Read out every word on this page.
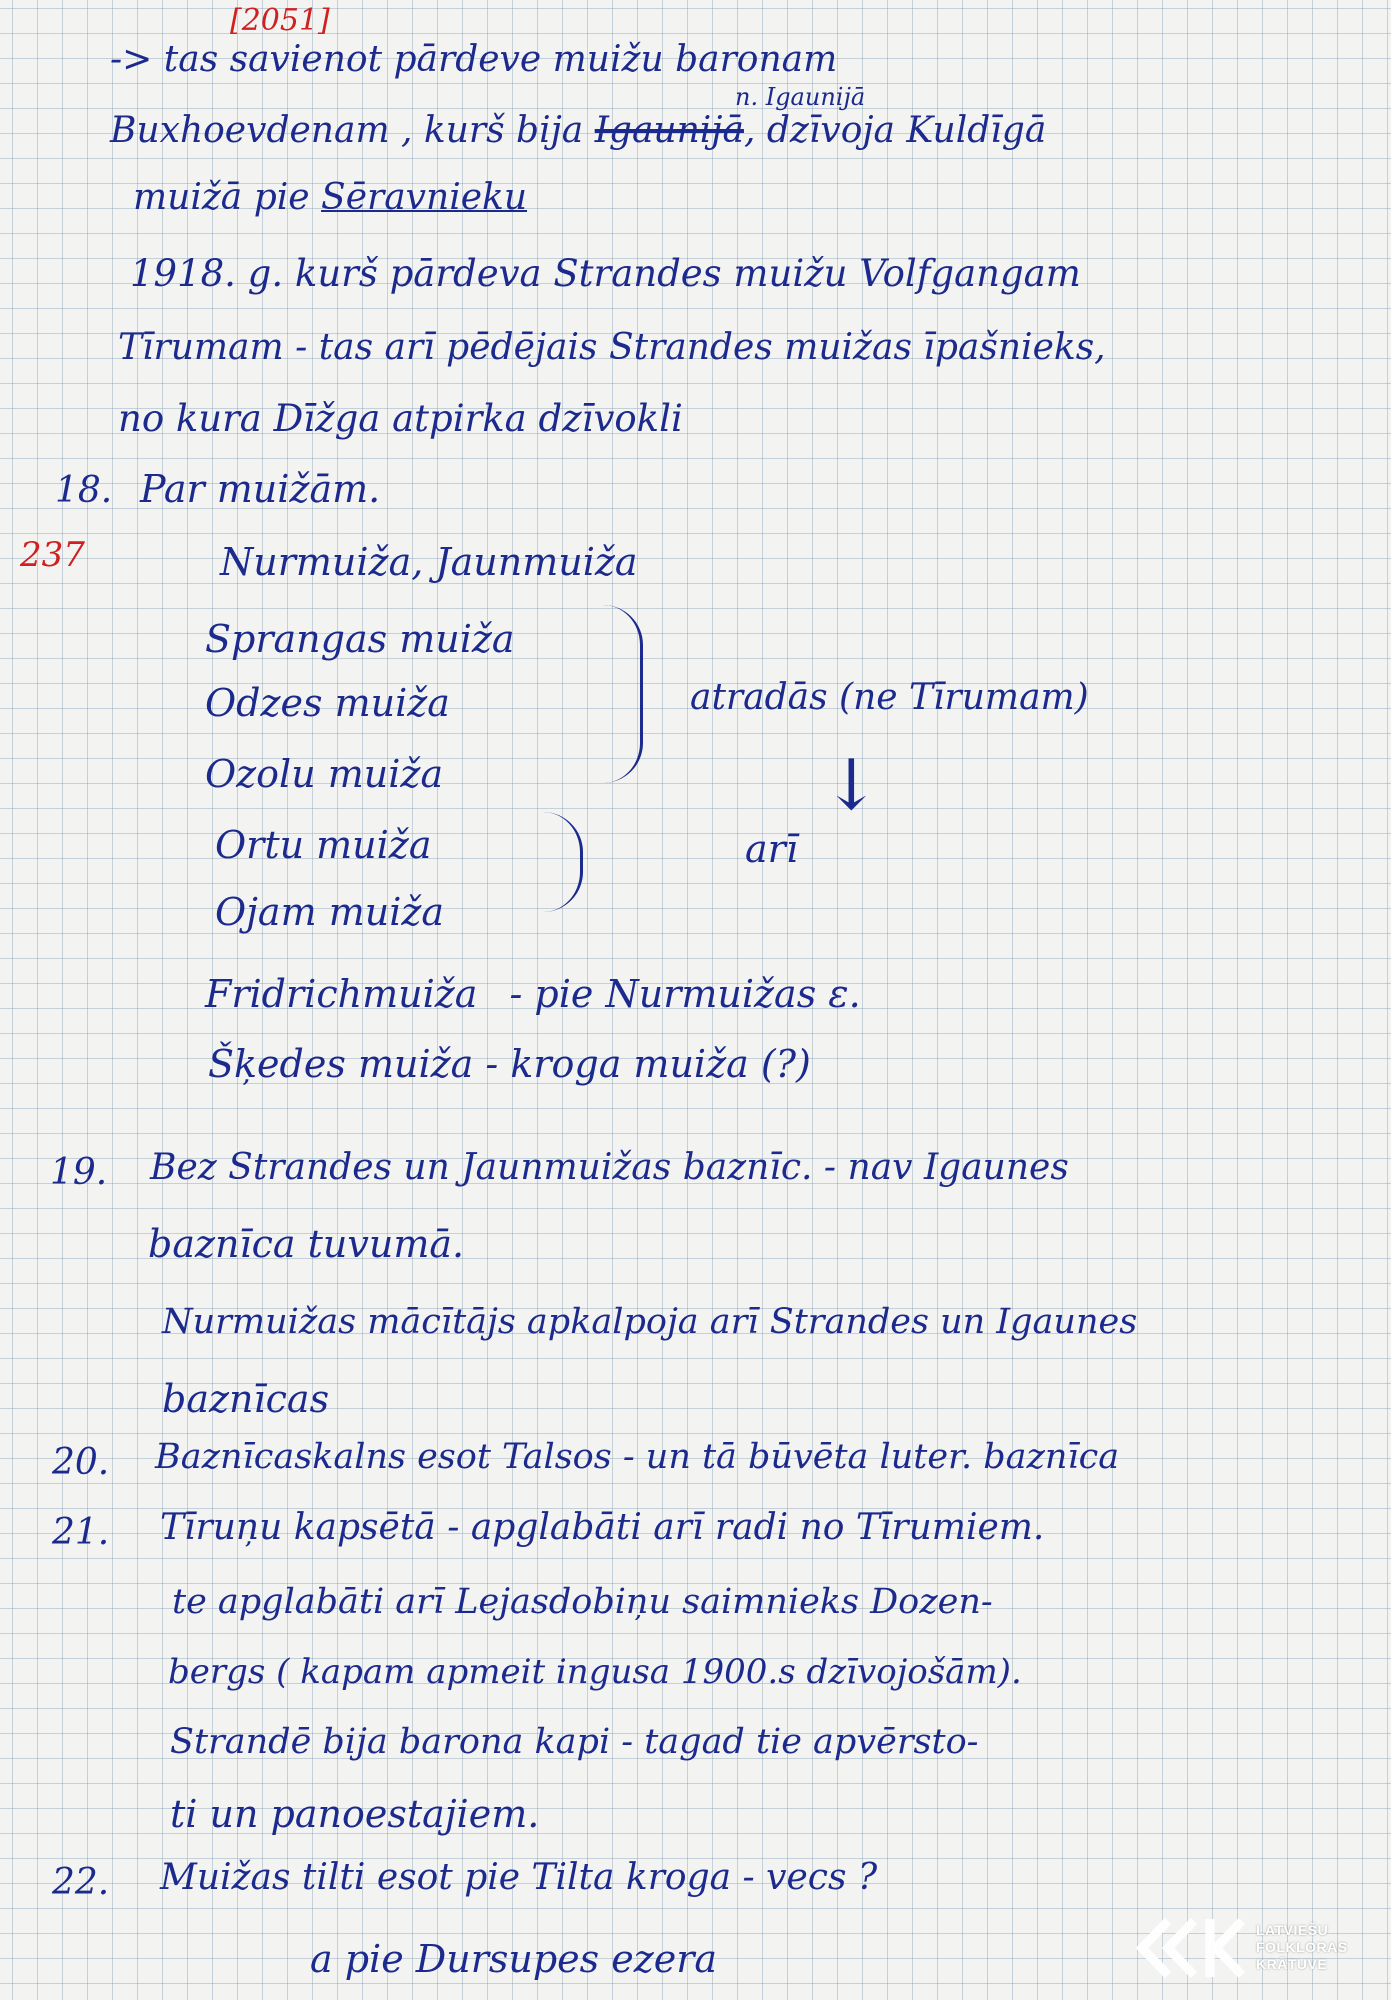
[2051]
237
-> tas savienot pārdeve muižu baronam
n. Igaunijā
Buxhoevdenam , kurš bija Igaunijā, dzīvoja Kuldīgā
muižā pie Sēravnieku
1918. g. kurš pārdeva Strandes muižu Volfgangam
Tīrumam - tas arī pēdējais Strandes muižas īpašnieks,
no kura Dīžga atpirka dzīvokli
18. Par muižām.
Nurmuiža, Jaunmuiža
Sprangas muiža
Odzes muiža
Ozolu muiža
Ortu muiža
Ojam muiža
atradās (ne Tīrumam)
↓
arī
Fridrichmuiža - pie Nurmuižas ε.
Šķedes muiža - kroga muiža (?)
19. Bez Strandes un Jaunmuižas baznīc. - nav Igaunes
baznīca tuvumā.
Nurmuižas mācītājs apkalpoja arī Strandes un Igaunes
baznīcas
20. Baznīcaskalns esot Talsos - un tā būvēta luter. baznīca
21. Tīruņu kapsētā - apglabāti arī radi no Tīrumiem.
te apglabāti arī Lejasdobiņu saimnieks Dozen-
bergs ( kapam apmeit ingusa 1900.s dzīvojošām).
Strandē bija barona kapi - tagad tie apvērsto-
ti un panoestajiem.
22. Muižas tilti esot pie Tilta kroga - vecs ?
a pie Dursupes ezera
LATVIEŠU
FOLKLORAS
KRĀTUVE
